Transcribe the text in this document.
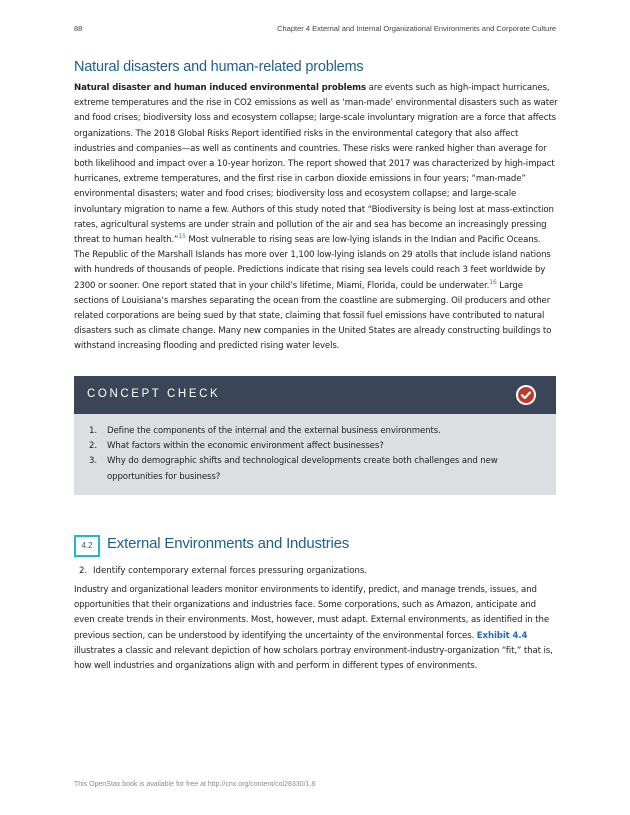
88	Chapter 4 External and Internal Organizational Environments and Corporate Culture
Natural disasters and human-related problems

Natural disaster and human induced environmental problems are events such as high-impact hurricanes, extreme temperatures and the rise in CO2 emissions as well as ‘man-made’ environmental disasters such as water and food crises; biodiversity loss and ecosystem collapse; large-scale involuntary migration are a force that affects organizations. The 2018 Global Risks Report identified risks in the environmental category that also affect industries and companies—as well as continents and countries. These risks were ranked higher than average for both likelihood and impact over a 10-year horizon. The report showed that 2017 was characterized by high-impact hurricanes, extreme temperatures, and the first rise in carbon dioxide emissions in four years; “man-made” environmental disasters; water and food crises; biodiversity loss and ecosystem collapse; and large-scale involuntary migration to name a few. Authors of this study noted that “Biodiversity is being lost at mass-extinction rates, agricultural systems are under strain and pollution of the air and sea has become an increasingly pressing threat to human health.”$^{15}$ Most vulnerable to rising seas are low-lying islands in the Indian and Pacific Oceans. The Republic of the Marshall Islands has more over 1,100 low-lying islands on 29 atolls that include island nations with hundreds of thousands of people. Predictions indicate that rising sea levels could reach 3 feet worldwide by 2300 or sooner. One report stated that in your child’s lifetime, Miami, Florida, could be underwater.$^{16}$ Large sections of Louisiana’s marshes separating the ocean from the coastline are submerging. Oil producers and other related corporations are being sued by that state, claiming that fossil fuel emissions have contributed to natural disasters such as climate change. Many new companies in the United States are already constructing buildings to withstand increasing flooding and predicted rising water levels.

CONCEPT CHECK
1. Define the components of the internal and the external business environments.
2. What factors within the economic environment affect businesses?
3. Why do demographic shifts and technological developments create both challenges and new opportunities for business?
4.2 External Environments and Industries
2. Identify contemporary external forces pressuring organizations.

Industry and organizational leaders monitor environments to identify, predict, and manage trends, issues, and opportunities that their organizations and industries face. Some corporations, such as Amazon, anticipate and even create trends in their environments. Most, however, must adapt. External environments, as identified in the previous section, can be understood by identifying the uncertainty of the environmental forces. Exhibit 4.4 illustrates a classic and relevant depiction of how scholars portray environment-industry-organization “fit,” that is, how well industries and organizations align with and perform in different types of environments.

This OpenStax book is available for free at http://cnx.org/content/col28330/1.8
